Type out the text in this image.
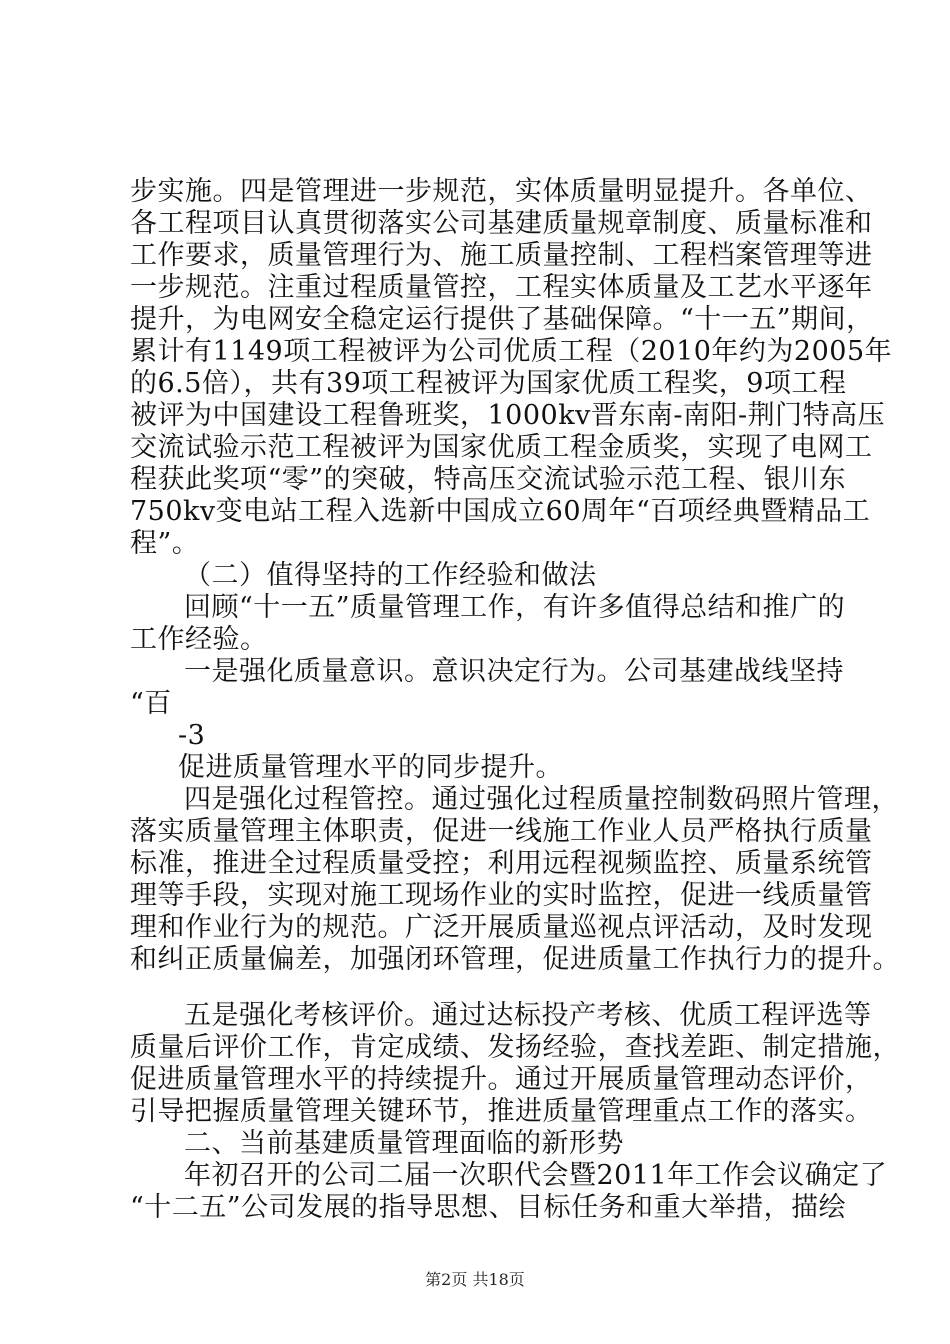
步实施。四是管理进一步规范，实体质量明显提升。各单位、
各工程项目认真贯彻落实公司基建质量规章制度、质量标准和
工作要求，质量管理行为、施工质量控制、工程档案管理等进
一步规范。注重过程质量管控，工程实体质量及工艺水平逐年
提升，为电网安全稳定运行提供了基础保障。“十一五”期间，
累计有1149项工程被评为公司优质工程（2010年约为2005年
的6.5倍），共有39项工程被评为国家优质工程奖，9项工程
被评为中国建设工程鲁班奖，1000kv晋东南-南阳-荆门特高压
交流试验示范工程被评为国家优质工程金质奖，实现了电网工
程获此奖项“零”的突破，特高压交流试验示范工程、银川东
750kv变电站工程入选新中国成立60周年“百项经典暨精品工
程”。
（二）值得坚持的工作经验和做法
回顾“十一五”质量管理工作，有许多值得总结和推广的
工作经验。
一是强化质量意识。意识决定行为。公司基建战线坚持
“百
-3
促进质量管理水平的同步提升。
四是强化过程管控。通过强化过程质量控制数码照片管理，
落实质量管理主体职责，促进一线施工作业人员严格执行质量
标准，推进全过程质量受控；利用远程视频监控、质量系统管
理等手段，实现对施工现场作业的实时监控，促进一线质量管
理和作业行为的规范。广泛开展质量巡视点评活动，及时发现
和纠正质量偏差，加强闭环管理，促进质量工作执行力的提升。
五是强化考核评价。通过达标投产考核、优质工程评选等
质量后评价工作，肯定成绩、发扬经验，查找差距、制定措施，
促进质量管理水平的持续提升。通过开展质量管理动态评价，
引导把握质量管理关键环节，推进质量管理重点工作的落实。
二、当前基建质量管理面临的新形势
年初召开的公司二届一次职代会暨2011年工作会议确定了
“十二五”公司发展的指导思想、目标任务和重大举措，描绘
第2页 共18页
